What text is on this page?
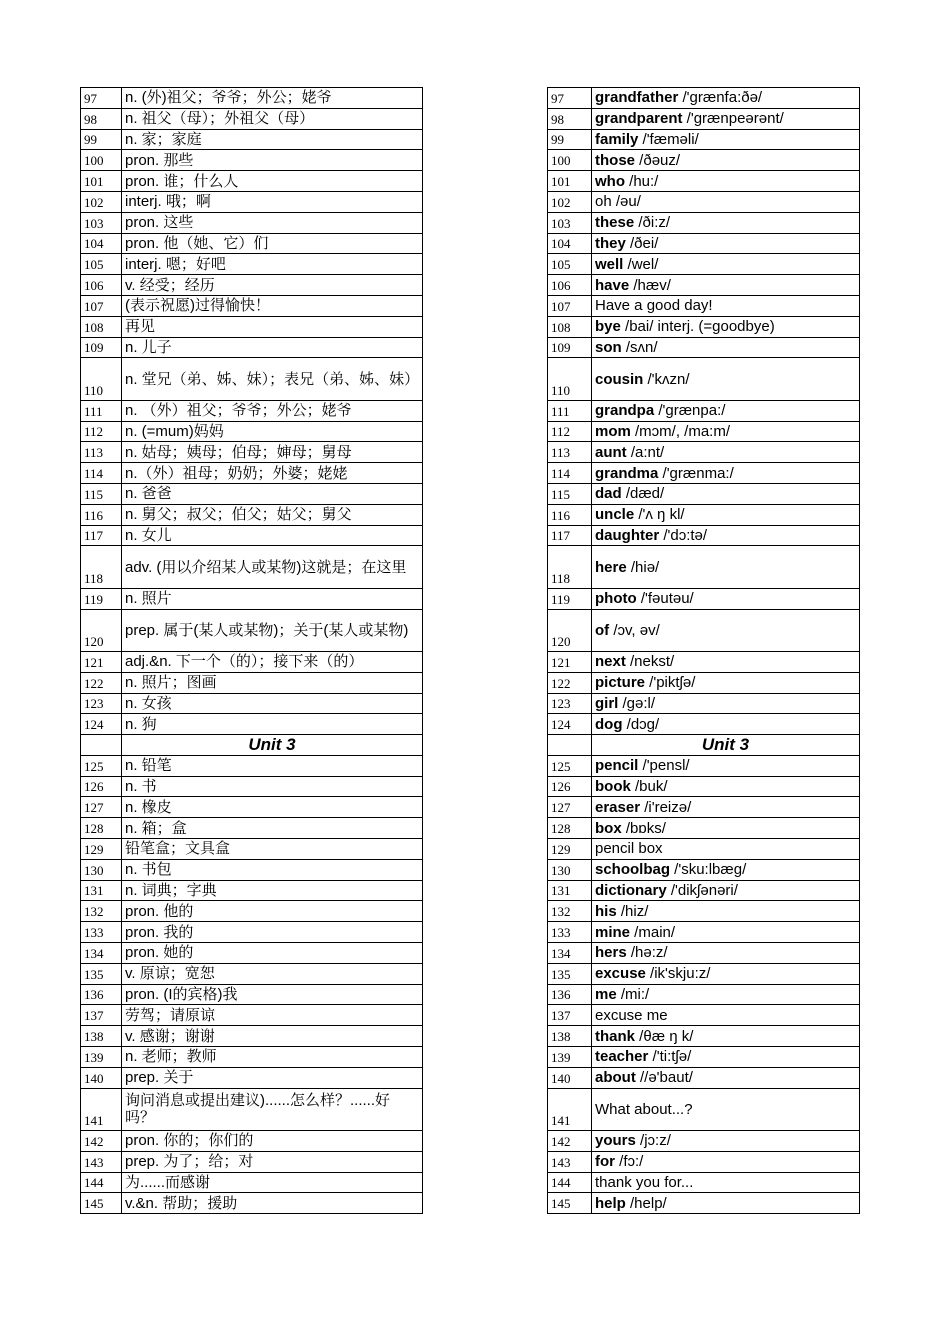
97	n. (外)祖父；爷爷；外公；姥爷
98	n. 祖父（母）；外祖父（母）
99	n. 家；家庭
100	pron. 那些
101	pron. 谁；什么人
102	interj. 哦；啊
103	pron. 这些
104	pron. 他（她、它）们
105	interj. 嗯；好吧
106	v. 经受；经历
107	(表示祝愿)过得愉快！
108	再见
109	n. 儿子
110	n. 堂兄（弟、姊、妹）；表兄（弟、姊、妹）
111	n. （外）祖父；爷爷；外公；姥爷
112	n. (=mum)妈妈
113	n. 姑母；姨母；伯母；婶母；舅母
114	n.（外）祖母；奶奶；外婆；姥姥
115	n. 爸爸
116	n. 舅父；叔父；伯父；姑父；舅父
117	n. 女儿
118	adv. (用以介绍某人或某物)这就是；在这里
119	n. 照片
120	prep. 属于(某人或某物)；关于(某人或某物)
121	adj.&n. 下一个（的）；接下来（的）
122	n. 照片；图画
123	n. 女孩
124	n. 狗
	Unit 3
125	n. 铅笔
126	n. 书
127	n. 橡皮
128	n. 箱；盒
129	铅笔盒；文具盒
130	n. 书包
131	n. 词典；字典
132	pron. 他的
133	pron. 我的
134	pron. 她的
135	v. 原谅；宽恕
136	pron. (I的宾格)我
137	劳驾；请原谅
138	v. 感谢；谢谢
139	n. 老师；教师
140	prep. 关于
141	询问消息或提出建议)......怎么样？......好吗？
142	pron. 你的；你们的
143	prep. 为了；给；对
144	为......而感谢
145	v.&n. 帮助；援助
97	grandfather /'grænfa:ðə/
98	grandparent /'grænpeərənt/
99	family /'fæməli/
100	those /ðəuz/
101	who /hu:/
102	oh /əu/
103	these /ði:z/
104	they /ðei/
105	well /wel/
106	have /hæv/
107	Have a good day!
108	bye /bai/ interj. (=goodbye)
109	son /sʌn/
110	cousin /'kʌzn/
111	grandpa /'grænpa:/
112	mom /mɔm/, /ma:m/
113	aunt /a:nt/
114	grandma /'grænma:/
115	dad /dæd/
116	uncle /'ʌ ŋ kl/
117	daughter /'dɔ:tə/
118	here /hiə/
119	photo /'fəutəu/
120	of /ɔv, əv/
121	next /nekst/
122	picture /'piktʃə/
123	girl /gə:l/
124	dog /dɔg/
	Unit 3
125	pencil /'pensl/
126	book /buk/
127	eraser /i'reizə/
128	box /bɒks/
129	pencil box
130	schoolbag /'sku:lbæg/
131	dictionary /'dikʃənəri/
132	his /hiz/
133	mine /main/
134	hers /hə:z/
135	excuse /ik'skju:z/
136	me /mi:/
137	excuse me
138	thank /θæ ŋ k/
139	teacher /'ti:tʃə/
140	about //ə'baut/
141	What about...?
142	yours /jɔ:z/
143	for /fɔ:/
144	thank you for...
145	help /help/
